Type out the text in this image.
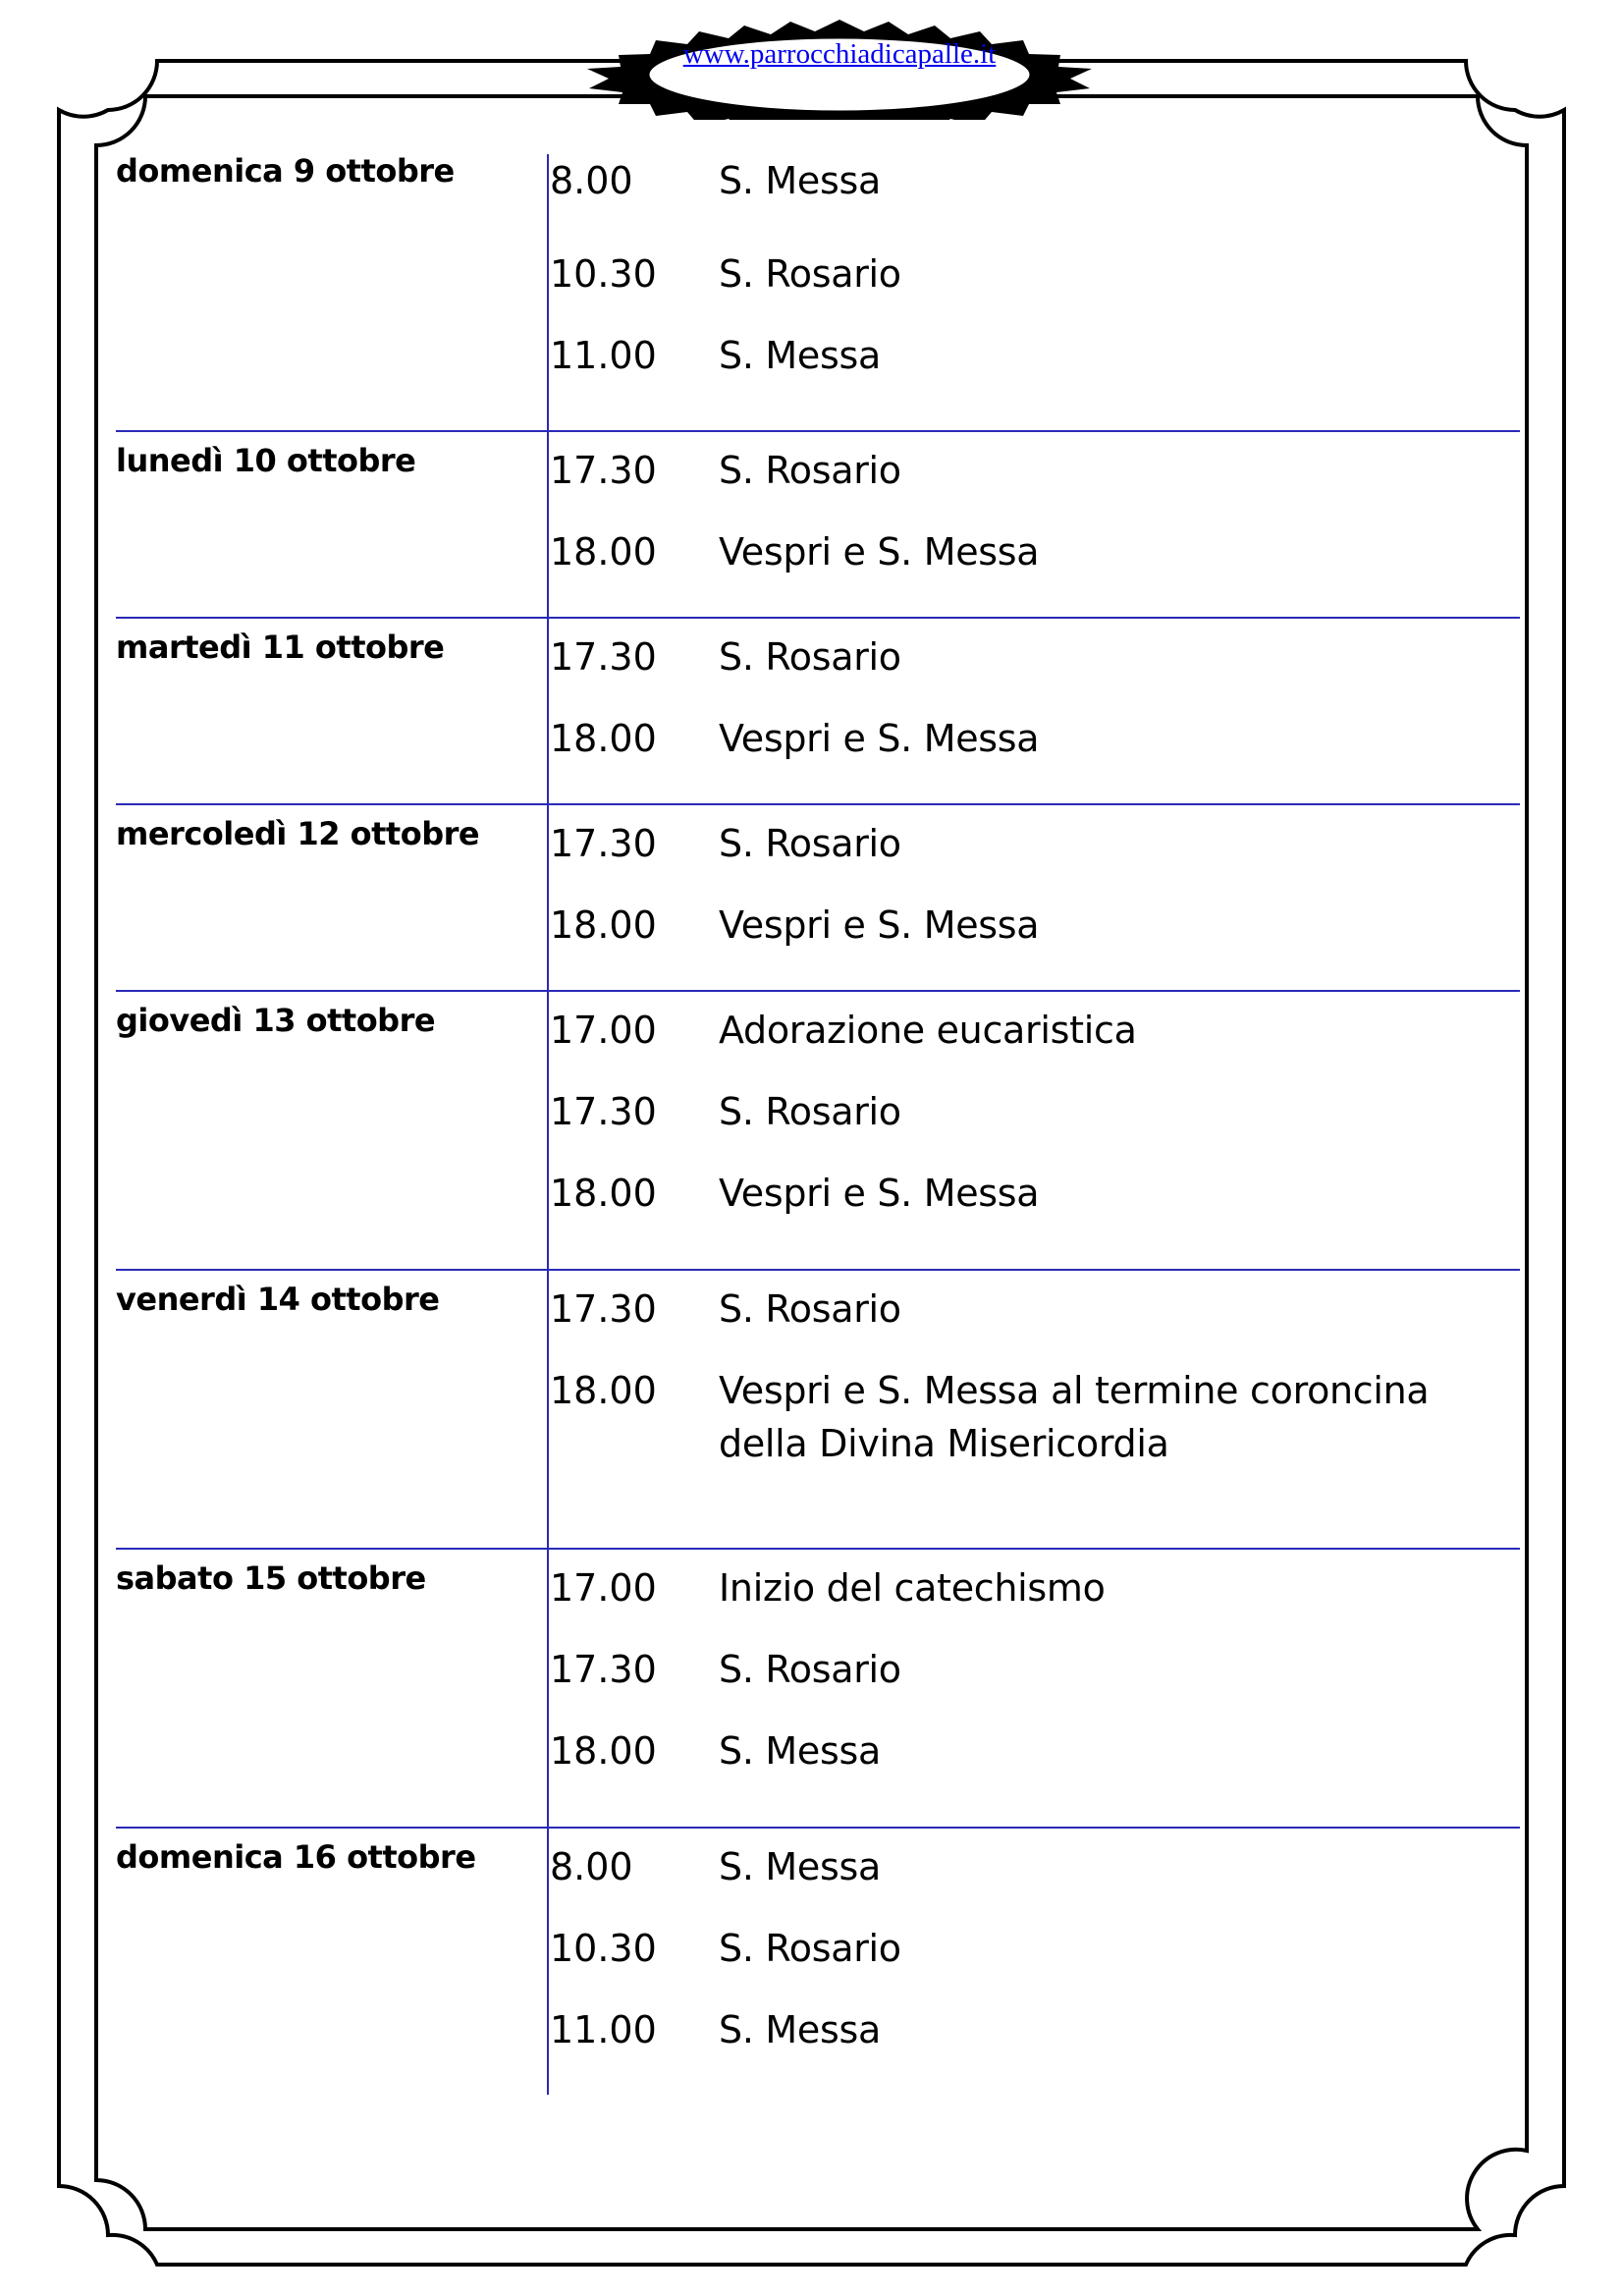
www.parrocchiadicapalle.it
domenica 9 ottobre	8.00	S. Messa
10.30	S. Rosario
11.00	S. Messa
lunedì 10 ottobre	17.30	S. Rosario
18.00	Vespri e S. Messa
martedì 11 ottobre	17.30	S. Rosario
18.00	Vespri e S. Messa
mercoledì 12 ottobre	17.30	S. Rosario
18.00	Vespri e S. Messa
giovedì 13 ottobre	17.00	Adorazione eucaristica
17.30	S. Rosario
18.00	Vespri e S. Messa
venerdì 14 ottobre	17.30	S. Rosario
18.00	Vespri e S. Messa al termine coroncina della Divina Misericordia
sabato 15 ottobre	17.00	Inizio del catechismo
17.30	S. Rosario
18.00	S. Messa
domenica 16 ottobre	8.00	S. Messa
10.30	S. Rosario
11.00	S. Messa
